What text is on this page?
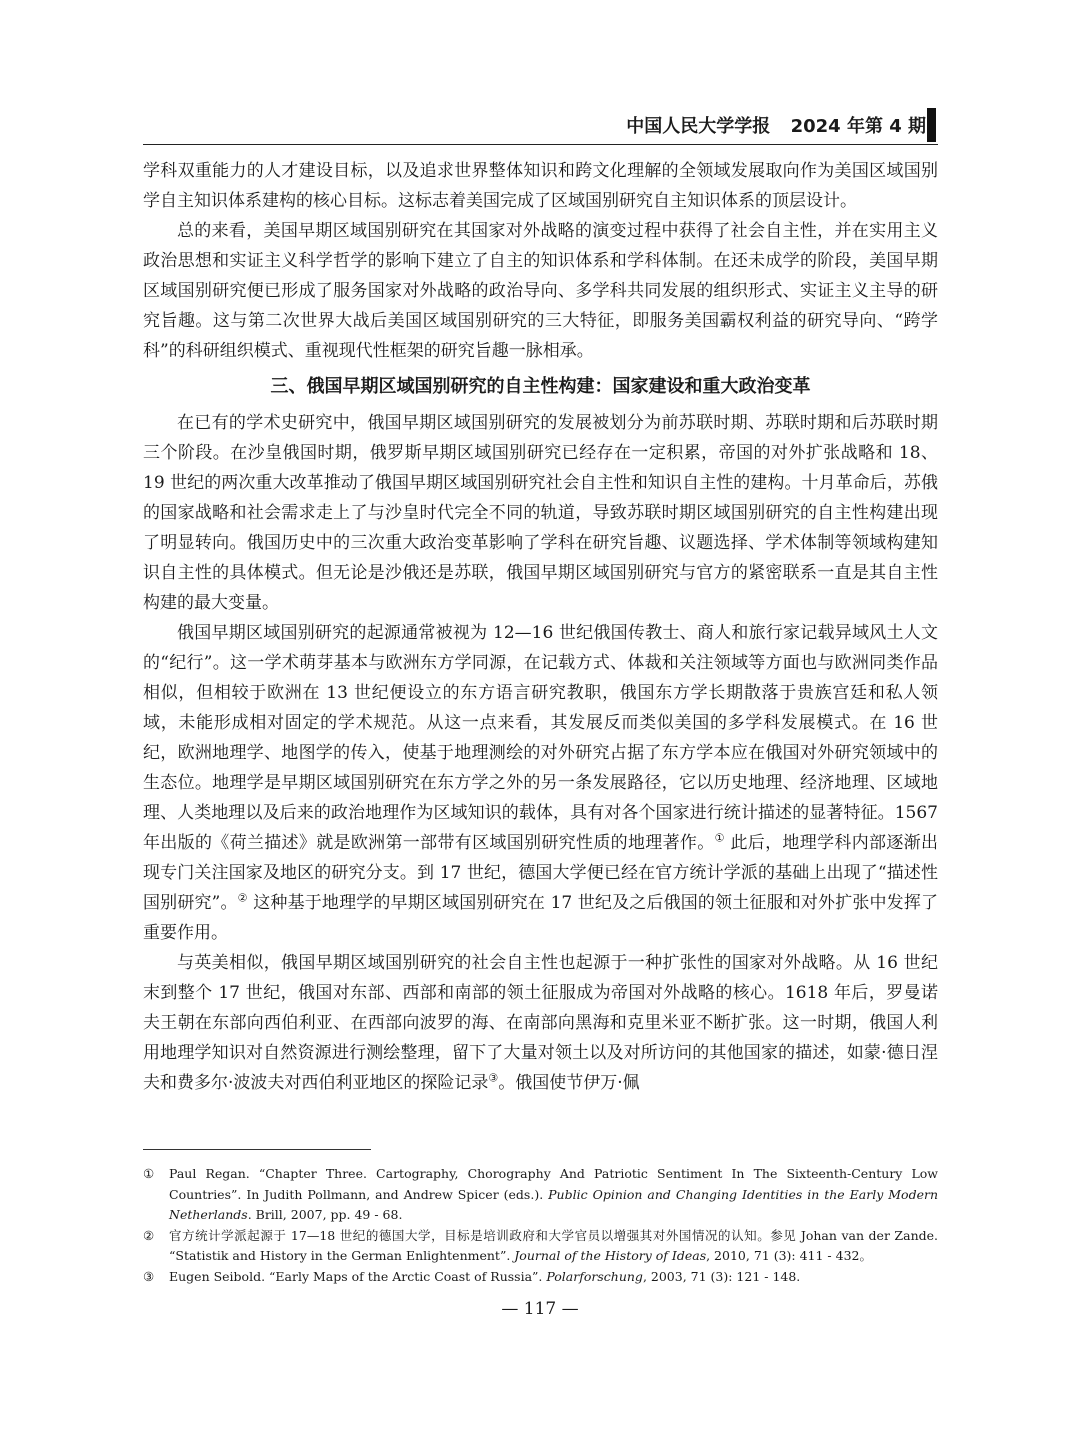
中国人民大学学报 2024 年第 4 期

学科双重能力的人才建设目标，以及追求世界整体知识和跨文化理解的全领域发展取向作为美国区域国别学自主知识体系建构的核心目标。这标志着美国完成了区域国别研究自主知识体系的顶层设计。

总的来看，美国早期区域国别研究在其国家对外战略的演变过程中获得了社会自主性，并在实用主义政治思想和实证主义科学哲学的影响下建立了自主的知识体系和学科体制。在还未成学的阶段，美国早期区域国别研究便已形成了服务国家对外战略的政治导向、多学科共同发展的组织形式、实证主义主导的研究旨趣。这与第二次世界大战后美国区域国别研究的三大特征，即服务美国霸权利益的研究导向、“跨学科”的科研组织模式、重视现代性框架的研究旨趣一脉相承。

三、俄国早期区域国别研究的自主性构建：国家建设和重大政治变革

在已有的学术史研究中，俄国早期区域国别研究的发展被划分为前苏联时期、苏联时期和后苏联时期三个阶段。在沙皇俄国时期，俄罗斯早期区域国别研究已经存在一定积累，帝国的对外扩张战略和 18、19 世纪的两次重大改革推动了俄国早期区域国别研究社会自主性和知识自主性的建构。十月革命后，苏俄的国家战略和社会需求走上了与沙皇时代完全不同的轨道，导致苏联时期区域国别研究的自主性构建出现了明显转向。俄国历史中的三次重大政治变革影响了学科在研究旨趣、议题选择、学术体制等领域构建知识自主性的具体模式。但无论是沙俄还是苏联，俄国早期区域国别研究与官方的紧密联系一直是其自主性构建的最大变量。

俄国早期区域国别研究的起源通常被视为 12—16 世纪俄国传教士、商人和旅行家记载异域风土人文的“纪行”。这一学术萌芽基本与欧洲东方学同源，在记载方式、体裁和关注领域等方面也与欧洲同类作品相似，但相较于欧洲在 13 世纪便设立的东方语言研究教职，俄国东方学长期散落于贵族宫廷和私人领域，未能形成相对固定的学术规范。从这一点来看，其发展反而类似美国的多学科发展模式。在 16 世纪，欧洲地理学、地图学的传入，使基于地理测绘的对外研究占据了东方学本应在俄国对外研究领域中的生态位。地理学是早期区域国别研究在东方学之外的另一条发展路径，它以历史地理、经济地理、区域地理、人类地理以及后来的政治地理作为区域知识的载体，具有对各个国家进行统计描述的显著特征。1567 年出版的《荷兰描述》就是欧洲第一部带有区域国别研究性质的地理著作。① 此后，地理学科内部逐渐出现专门关注国家及地区的研究分支。到 17 世纪，德国大学便已经在官方统计学派的基础上出现了“描述性国别研究”。② 这种基于地理学的早期区域国别研究在 17 世纪及之后俄国的领土征服和对外扩张中发挥了重要作用。

与英美相似，俄国早期区域国别研究的社会自主性也起源于一种扩张性的国家对外战略。从 16 世纪末到整个 17 世纪，俄国对东部、西部和南部的领土征服成为帝国对外战略的核心。1618 年后，罗曼诺夫王朝在东部向西伯利亚、在西部向波罗的海、在南部向黑海和克里米亚不断扩张。这一时期，俄国人利用地理学知识对自然资源进行测绘整理，留下了大量对领土以及对所访问的其他国家的描述，如蒙·德日涅夫和费多尔·波波夫对西伯利亚地区的探险记录③。俄国使节伊万·佩

①	Paul Regan. “Chapter Three. Cartography, Chorography And Patriotic Sentiment In The Sixteenth-Century Low Countries”. In Judith Pollmann, and Andrew Spicer (eds.). Public Opinion and Changing Identities in the Early Modern Netherlands. Brill, 2007, pp. 49 - 68.
②	官方统计学派起源于 17—18 世纪的德国大学，目标是培训政府和大学官员以增强其对外国情况的认知。参见 Johan van der Zande. “Statistik and History in the German Enlightenment”. Journal of the History of Ideas, 2010, 71 (3): 411 - 432。
③	Eugen Seibold. “Early Maps of the Arctic Coast of Russia”. Polarforschung, 2003, 71 (3): 121 - 148.
— 117 —
